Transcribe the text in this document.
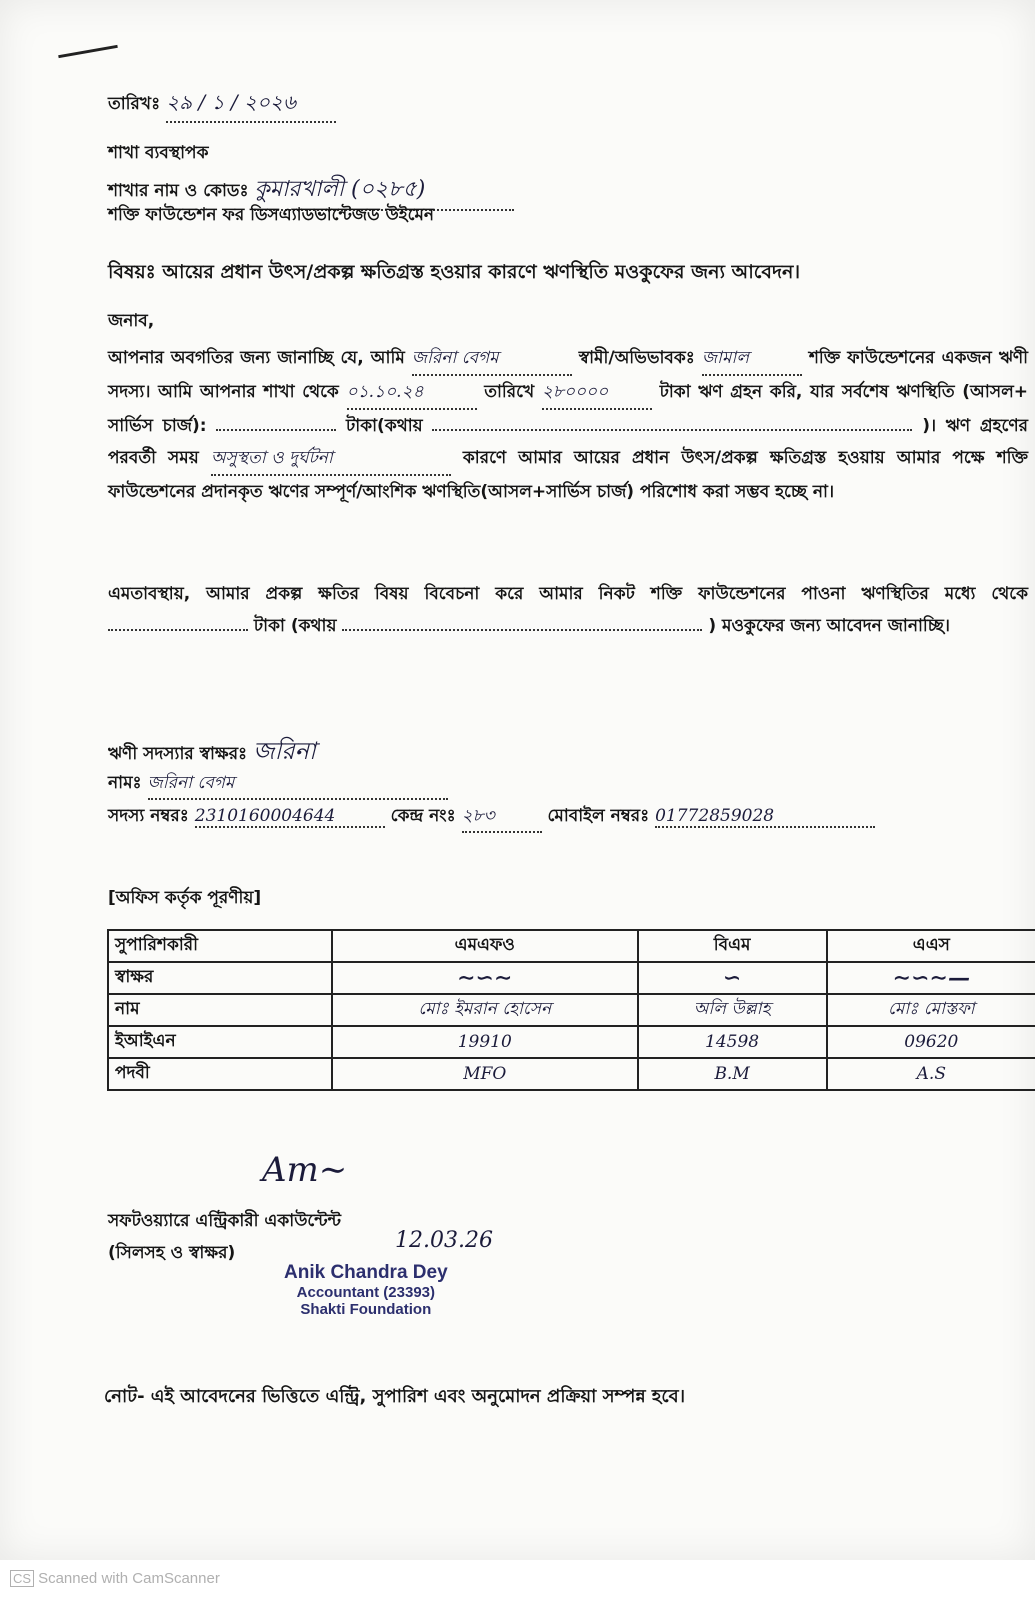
তারিখঃ ২৯ / ১ / ২০২৬
শাখা ব্যবস্থাপক
শাখার নাম ও কোডঃ কুমারখালী (০২৮৫)
শক্তি ফাউন্ডেশন ফর ডিসএ্যাডভান্টেজড উইমেন
বিষয়ঃ আয়ের প্রধান উৎস/প্রকল্প ক্ষতিগ্রস্ত হওয়ার কারণে ঋণস্থিতি মওকুফের জন্য আবেদন।
জনাব,
আপনার অবগতির জন্য জানাচ্ছি যে, আমি জরিনা বেগম	স্বামী/অভিভাবকঃ জামাল	শক্তি ফাউন্ডেশনের একজন ঋণী সদস্য। আমি আপনার শাখা থেকে ০১.১০.২৪	তারিখে ২৮০০০০	টাকা ঋণ গ্রহন করি, যার সর্বশেষ ঋণস্থিতি (আসল+ সার্ভিস চার্জ):	টাকা(কথায়	)। ঋণ গ্রহণের পরবর্তী সময় অসুস্থতা ও দুর্ঘটনা	কারণে আমার আয়ের প্রধান উৎস/প্রকল্প ক্ষতিগ্রস্ত হওয়ায় আমার পক্ষে শক্তি ফাউন্ডেশনের প্রদানকৃত ঋণের সম্পূর্ণ/আংশিক ঋণস্থিতি(আসল+সার্ভিস চার্জ) পরিশোধ করা সম্ভব হচ্ছে না।
এমতাবস্থায়, আমার প্রকল্প ক্ষতির বিষয় বিবেচনা করে আমার নিকট শক্তি ফাউন্ডেশনের পাওনা ঋণস্থিতির মধ্যে থেকে  টাকা (কথায়	) মওকুফের জন্য আবেদন জানাচ্ছি।
ঋণী সদস্যার স্বাক্ষরঃ জরিনা
নামঃ জরিনা বেগম
সদস্য নম্বরঃ 2310160004644	কেন্দ্র নংঃ ২৮৩	মোবাইল নম্বরঃ 01772859028
[অফিস কর্তৃক পূরণীয়]
সুপারিশকারী	এমএফও	বিএম	এএস
স্বাক্ষর	∼∽∼	∽	∼∽∼—
নাম	মোঃ ইমরান হোসেন	অলি উল্লাহ	মোঃ মোস্তফা
ইআইএন	19910	14598	09620
পদবী	MFO	B.M	A.S
Am∼
সফটওয়্যারে এন্ট্রিকারী একাউন্টেন্ট
(সিলসহ ও স্বাক্ষর)	12.03.26
Anik Chandra Dey
Accountant (23393)
Shakti Foundation
নোট- এই আবেদনের ভিত্তিতে এন্ট্রি, সুপারিশ এবং অনুমোদন প্রক্রিয়া সম্পন্ন হবে।
CS Scanned with CamScanner
